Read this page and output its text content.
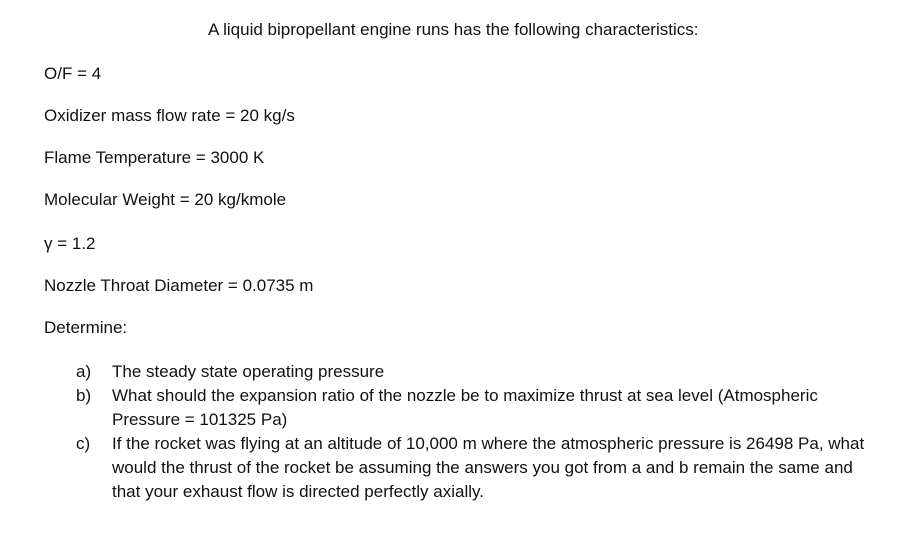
A liquid bipropellant engine runs has the following characteristics:
O/F = 4
Oxidizer mass flow rate = 20 kg/s
Flame Temperature = 3000 K
Molecular Weight = 20 kg/kmole
γ = 1.2
Nozzle Throat Diameter = 0.0735 m
Determine:
a)	The steady state operating pressure
b)	What should the expansion ratio of the nozzle be to maximize thrust at sea level (Atmospheric Pressure = 101325 Pa)
c)	If the rocket was flying at an altitude of 10,000 m where the atmospheric pressure is 26498 Pa, what would the thrust of the rocket be assuming the answers you got from a and b remain the same and that your exhaust flow is directed perfectly axially.
